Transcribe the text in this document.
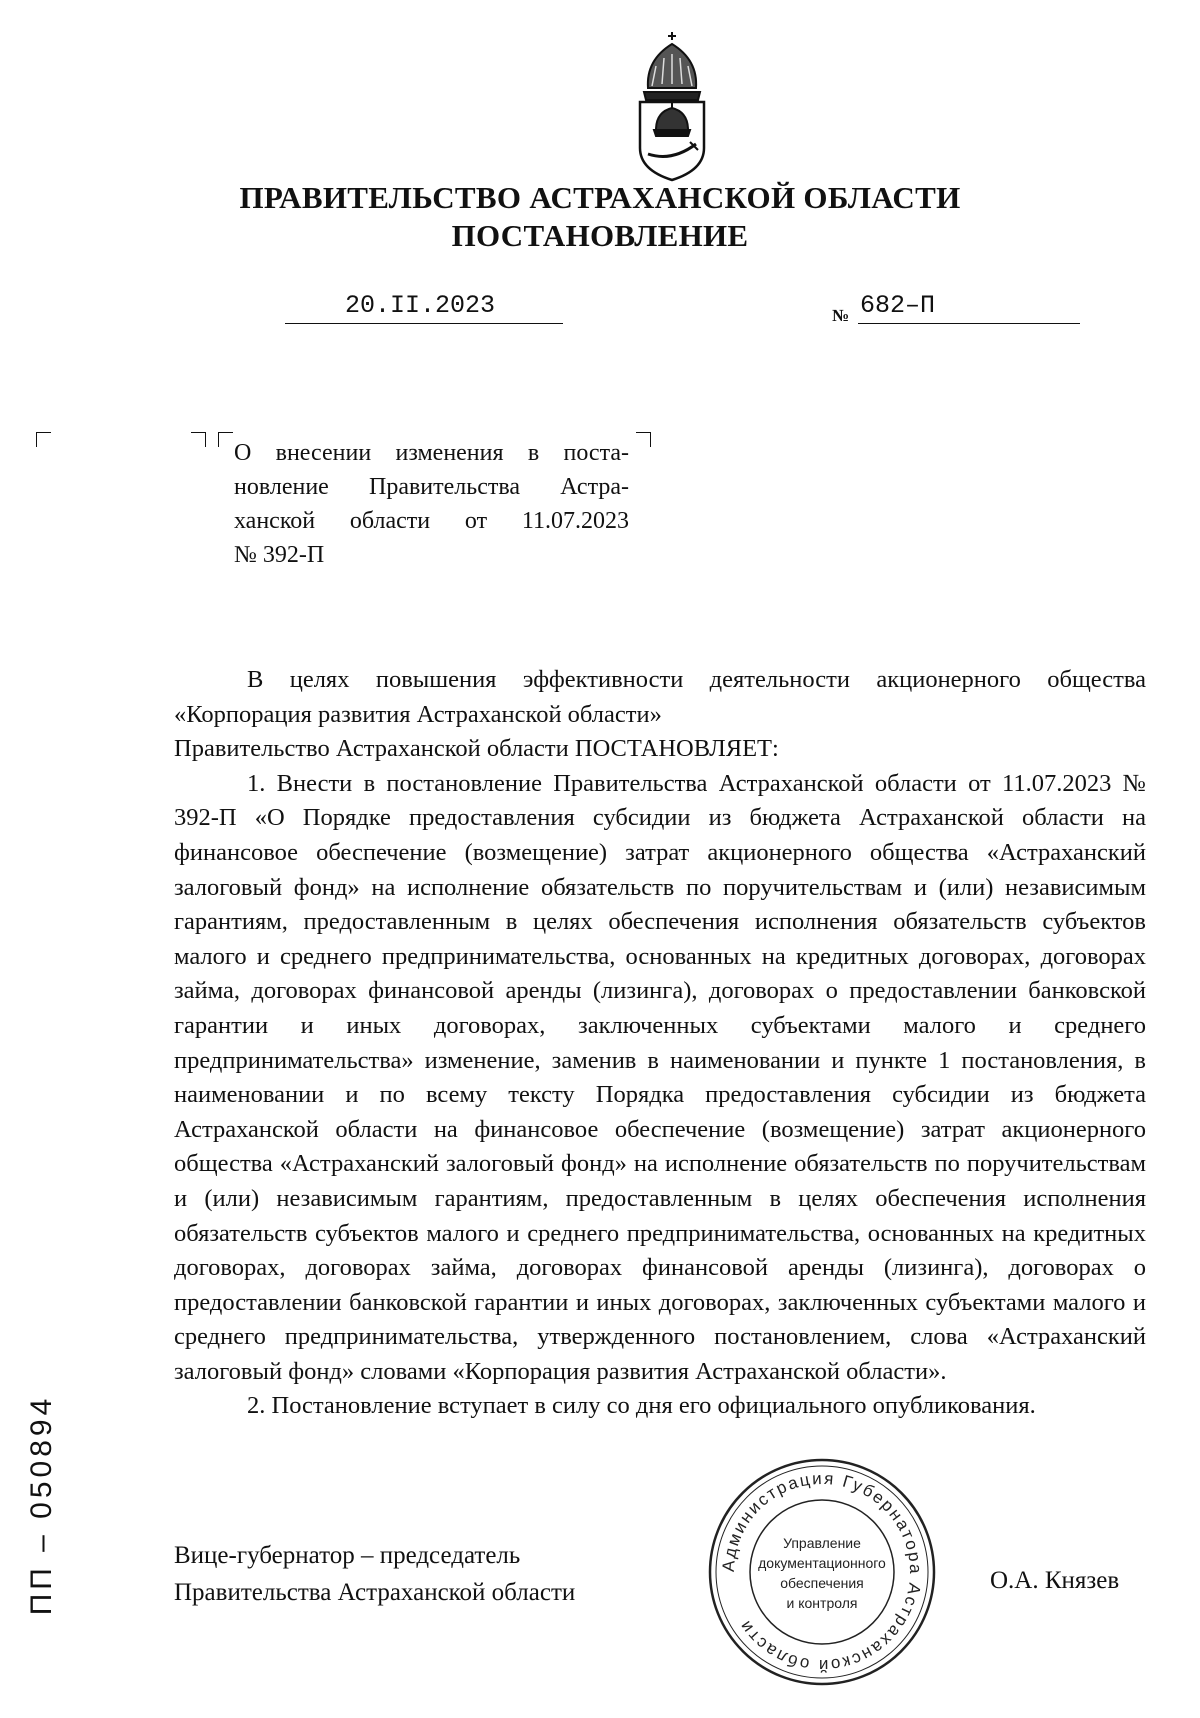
ПРАВИТЕЛЬСТВО АСТРАХАНСКОЙ ОБЛАСТИ
ПОСТАНОВЛЕНИЕ
20.II.2023	№ 682–П
О внесении изменения в поста-
новление Правительства Астра-
ханской области от 11.07.2023
№ 392-П

В целях повышения эффективности деятельности акционерного общества «Корпорация развития Астраханской области»

Правительство Астраханской области ПОСТАНОВЛЯЕТ:

1. Внести в постановление Правительства Астраханской области от 11.07.2023 № 392-П «О Порядке предоставления субсидии из бюджета Астраханской области на финансовое обеспечение (возмещение) затрат акционерного общества «Астраханский залоговый фонд» на исполнение обязательств по поручительствам и (или) независимым гарантиям, предоставленным в целях обеспечения исполнения обязательств субъектов малого и среднего предпринимательства, основанных на кредитных договорах, договорах займа, договорах финансовой аренды (лизинга), договорах о предоставлении банковской гарантии и иных договорах, заключенных субъектами малого и среднего предпринимательства» изменение, заменив в наименовании и пункте 1 постановления, в наименовании и по всему тексту Порядка предоставления субсидии из бюджета Астраханской области на финансовое обеспечение (возмещение) затрат акционерного общества «Астраханский залоговый фонд» на исполнение обязательств по поручительствам и (или) независимым гарантиям, предоставленным в целях обеспечения исполнения обязательств субъектов малого и среднего предпринимательства, основанных на кредитных договорах, договорах займа, договорах финансовой аренды (лизинга), договорах о предоставлении банковской гарантии и иных договорах, заключенных субъектами малого и среднего предпринимательства, утвержденного постановлением, слова «Астраханский залоговый фонд» словами «Корпорация развития Астраханской области».

2. Постановление вступает в силу со дня его официального опубликования.

Вице-губернатор – председатель
Правительства Астраханской области	О.А. Князев
Администрация Губернатора Астраханской области
Управление
документационного
обеспечения
и контроля
ПП – 050894
